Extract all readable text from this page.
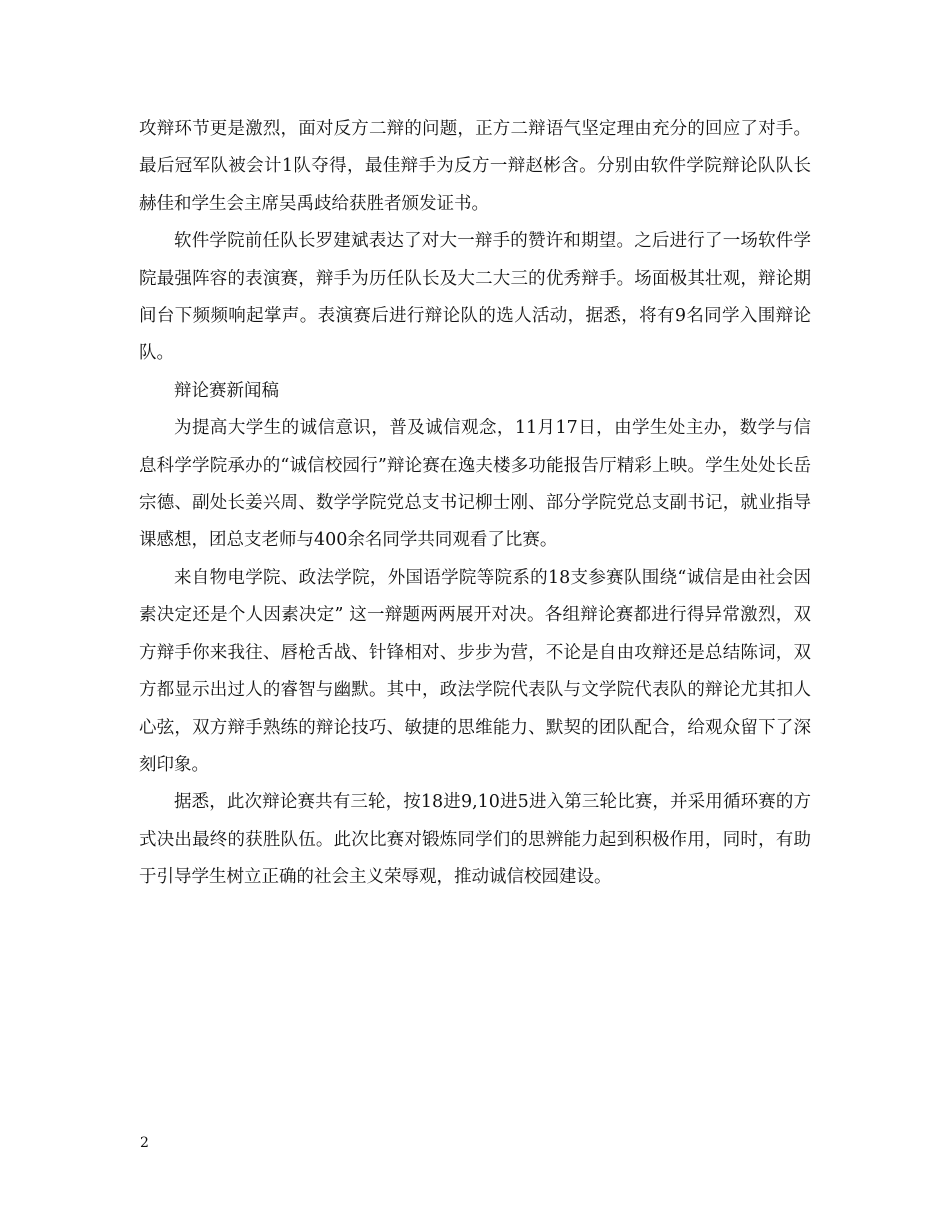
攻辩环节更是激烈，面对反方二辩的问题，正方二辩语气坚定理由充分的回应了对手。最后冠军队被会计1队夺得，最佳辩手为反方一辩赵彬含。分别由软件学院辩论队队长赫佳和学生会主席吴禹歧给获胜者颁发证书。

软件学院前任队长罗建斌表达了对大一辩手的赞许和期望。之后进行了一场软件学院最强阵容的表演赛，辩手为历任队长及大二大三的优秀辩手。场面极其壮观，辩论期间台下频频响起掌声。表演赛后进行辩论队的选人活动，据悉，将有9名同学入围辩论队。

辩论赛新闻稿

为提高大学生的诚信意识，普及诚信观念，11月17日，由学生处主办，数学与信息科学学院承办的“诚信校园行”辩论赛在逸夫楼多功能报告厅精彩上映。学生处处长岳宗德、副处长姜兴周、数学学院党总支书记柳士刚、部分学院党总支副书记，就业指导课感想，团总支老师与400余名同学共同观看了比赛。

来自物电学院、政法学院，外国语学院等院系的18支参赛队围绕“诚信是由社会因素决定还是个人因素决定” 这一辩题两两展开对决。各组辩论赛都进行得异常激烈，双方辩手你来我往、唇枪舌战、针锋相对、步步为营，不论是自由攻辩还是总结陈词，双方都显示出过人的睿智与幽默。其中，政法学院代表队与文学院代表队的辩论尤其扣人心弦，双方辩手熟练的辩论技巧、敏捷的思维能力、默契的团队配合，给观众留下了深刻印象。

据悉，此次辩论赛共有三轮，按18进9,10进5进入第三轮比赛，并采用循环赛的方式决出最终的获胜队伍。此次比赛对锻炼同学们的思辨能力起到积极作用，同时，有助于引导学生树立正确的社会主义荣辱观，推动诚信校园建设。

2
